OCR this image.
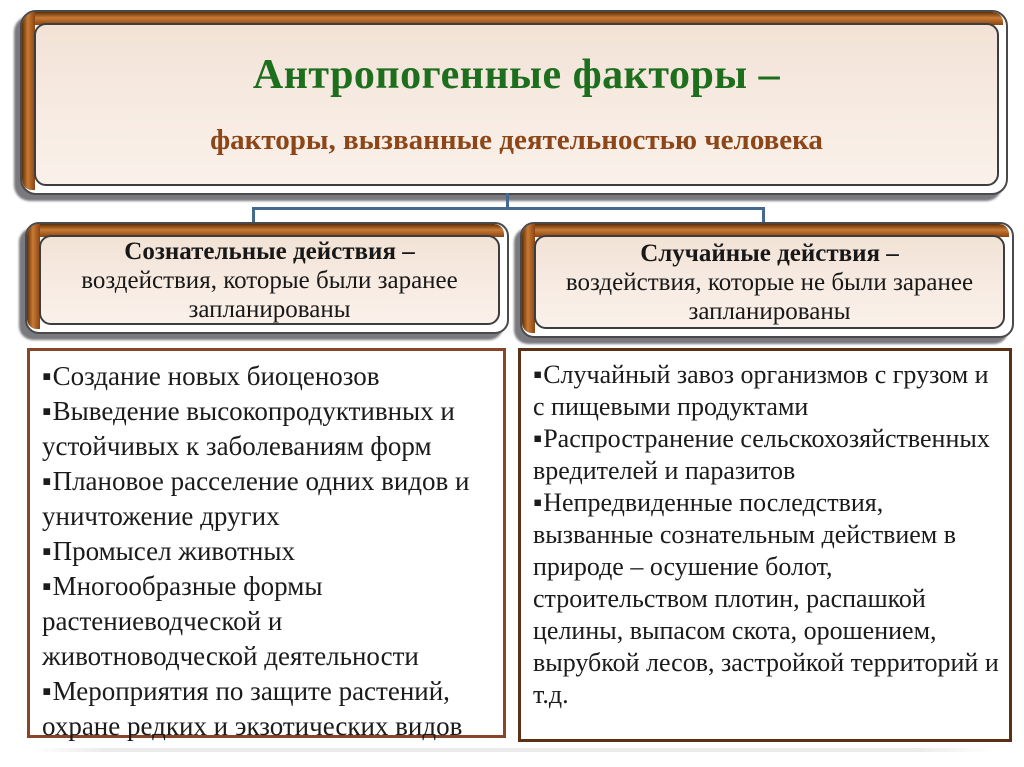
Антропогенные факторы –
факторы, вызванные деятельностью человека
Сознательные действия –
воздействия, которые были заранее запланированы
Случайные действия –
воздействия, которые не были заранее запланированы
▪ Создание новых биоценозов
▪ Выведение высокопродуктивных и устойчивых к заболеваниям форм
▪ Плановое расселение одних видов и уничтожение других
▪ Промысел животных
▪ Многообразные формы растениеводческой и животноводческой деятельности
▪ Мероприятия по защите растений, охране редких и экзотических видов
▪ Случайный завоз организмов с грузом и с пищевыми продуктами
▪ Распространение сельскохозяйственных вредителей и паразитов
▪ Непредвиденные последствия, вызванные сознательным действием в природе – осушение болот, строительством плотин, распашкой целины, выпасом скота, орошением, вырубкой лесов, застройкой территорий и т.д.
